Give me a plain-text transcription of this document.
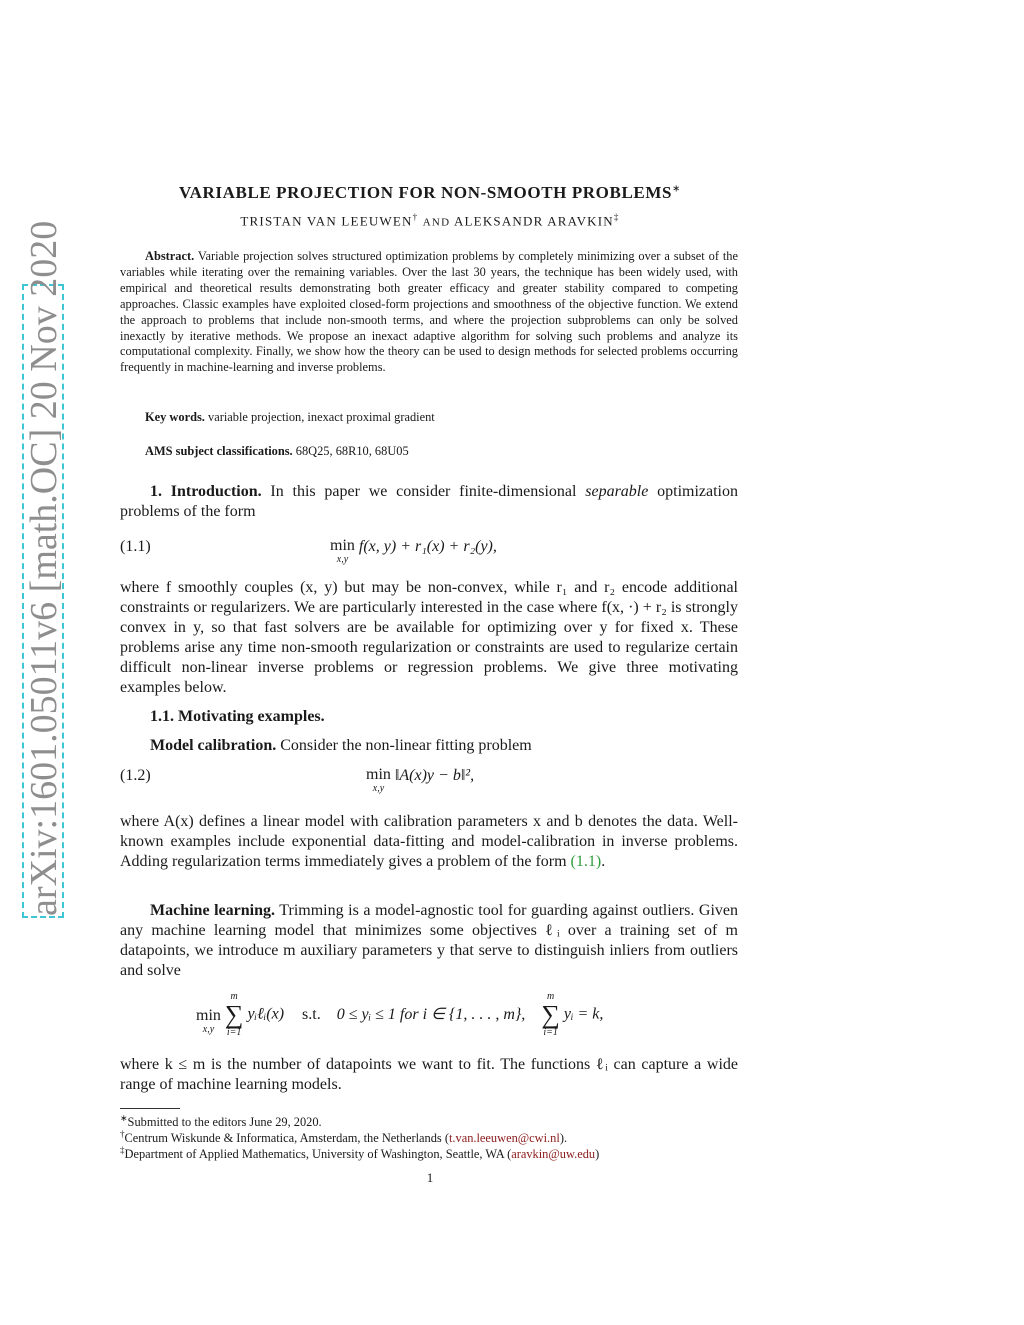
arXiv:1601.05011v6 [math.OC] 20 Nov 2020
VARIABLE PROJECTION FOR NON-SMOOTH PROBLEMS∗
TRISTAN VAN LEEUWEN† AND ALEKSANDR ARAVKIN‡
Abstract. Variable projection solves structured optimization problems by completely minimizing over a subset of the variables while iterating over the remaining variables. Over the last 30 years, the technique has been widely used, with empirical and theoretical results demonstrating both greater efficacy and greater stability compared to competing approaches. Classic examples have exploited closed-form projections and smoothness of the objective function. We extend the approach to problems that include non-smooth terms, and where the projection subproblems can only be solved inexactly by iterative methods. We propose an inexact adaptive algorithm for solving such problems and analyze its computational complexity. Finally, we show how the theory can be used to design methods for selected problems occurring frequently in machine-learning and inverse problems.
Key words. variable projection, inexact proximal gradient
AMS subject classifications. 68Q25, 68R10, 68U05
1. Introduction. In this paper we consider finite-dimensional separable optimization problems of the form
(1.1)	min
x,y
f(x, y) + r₁(x) + r₂(y),
where f smoothly couples (x, y) but may be non-convex, while r₁ and r₂ encode additional constraints or regularizers. We are particularly interested in the case where f(x, ·) + r₂ is strongly convex in y, so that fast solvers are be available for optimizing over y for fixed x. These problems arise any time non-smooth regularization or constraints are used to regularize certain difficult non-linear inverse problems or regression problems. We give three motivating examples below.
1.1. Motivating examples.
Model calibration. Consider the non-linear fitting problem
(1.2)	min
x,y
‖A(x)y − b‖²,
where A(x) defines a linear model with calibration parameters x and b denotes the data. Well-known examples include exponential data-fitting and model-calibration in inverse problems. Adding regularization terms immediately gives a problem of the form (1.1).
Machine learning. Trimming is a model-agnostic tool for guarding against outliers. Given any machine learning model that minimizes some objectives ℓᵢ over a training set of m datapoints, we introduce m auxiliary parameters y that serve to distinguish inliers from outliers and solve
min
x,y

m
∑
i=1
yᵢℓᵢ(x) s.t. 0 ≤ yᵢ ≤ 1 for i ∈ {1, . . . , m},
m
∑
i=1
yᵢ = k,
where k ≤ m is the number of datapoints we want to fit. The functions ℓᵢ can capture a wide range of machine learning models.
∗Submitted to the editors June 29, 2020.
†Centrum Wiskunde & Informatica, Amsterdam, the Netherlands (t.van.leeuwen@cwi.nl).
‡Department of Applied Mathematics, University of Washington, Seattle, WA (aravkin@uw.edu)
1
